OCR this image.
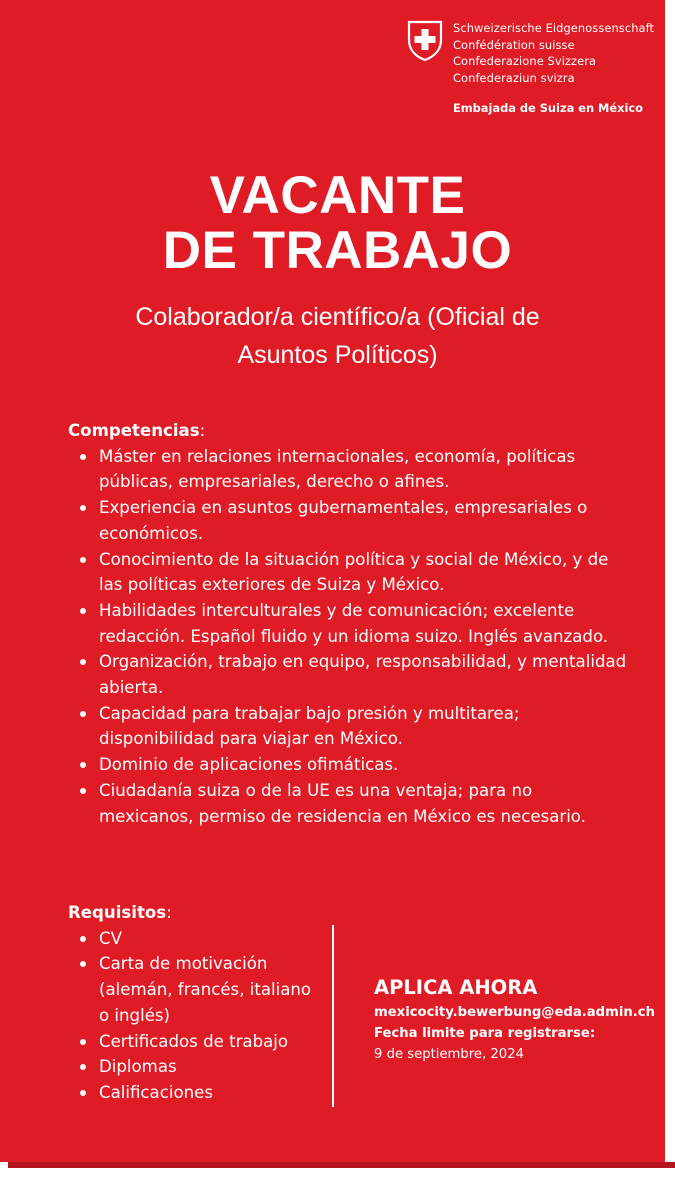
Schweizerische Eidgenossenschaft
Confédération suisse
Confederazione Svizzera
Confederaziun svizra
Embajada de Suiza en México
VACANTE
DE TRABAJO
Colaborador/a científico/a (Oficial de
Asuntos Políticos)
Competencias:
Máster en relaciones internacionales, economía, políticas públicas, empresariales, derecho o afines.
Experiencia en asuntos gubernamentales, empresariales o económicos.
Conocimiento de la situación política y social de México, y de las políticas exteriores de Suiza y México.
Habilidades interculturales y de comunicación; excelente redacción. Español fluido y un idioma suizo. Inglés avanzado.
Organización, trabajo en equipo, responsabilidad, y mentalidad abierta.
Capacidad para trabajar bajo presión y multitarea; disponibilidad para viajar en México.
Dominio de aplicaciones ofimáticas.
Ciudadanía suiza o de la UE es una ventaja; para no mexicanos, permiso de residencia en México es necesario.
Requisitos:
CV
Carta de motivación (alemán, francés, italiano o inglés)
Certificados de trabajo
Diplomas
Calificaciones
APLICA AHORA
mexicocity.bewerbung@eda.admin.ch
Fecha limite para registrarse:
9 de septiembre, 2024
